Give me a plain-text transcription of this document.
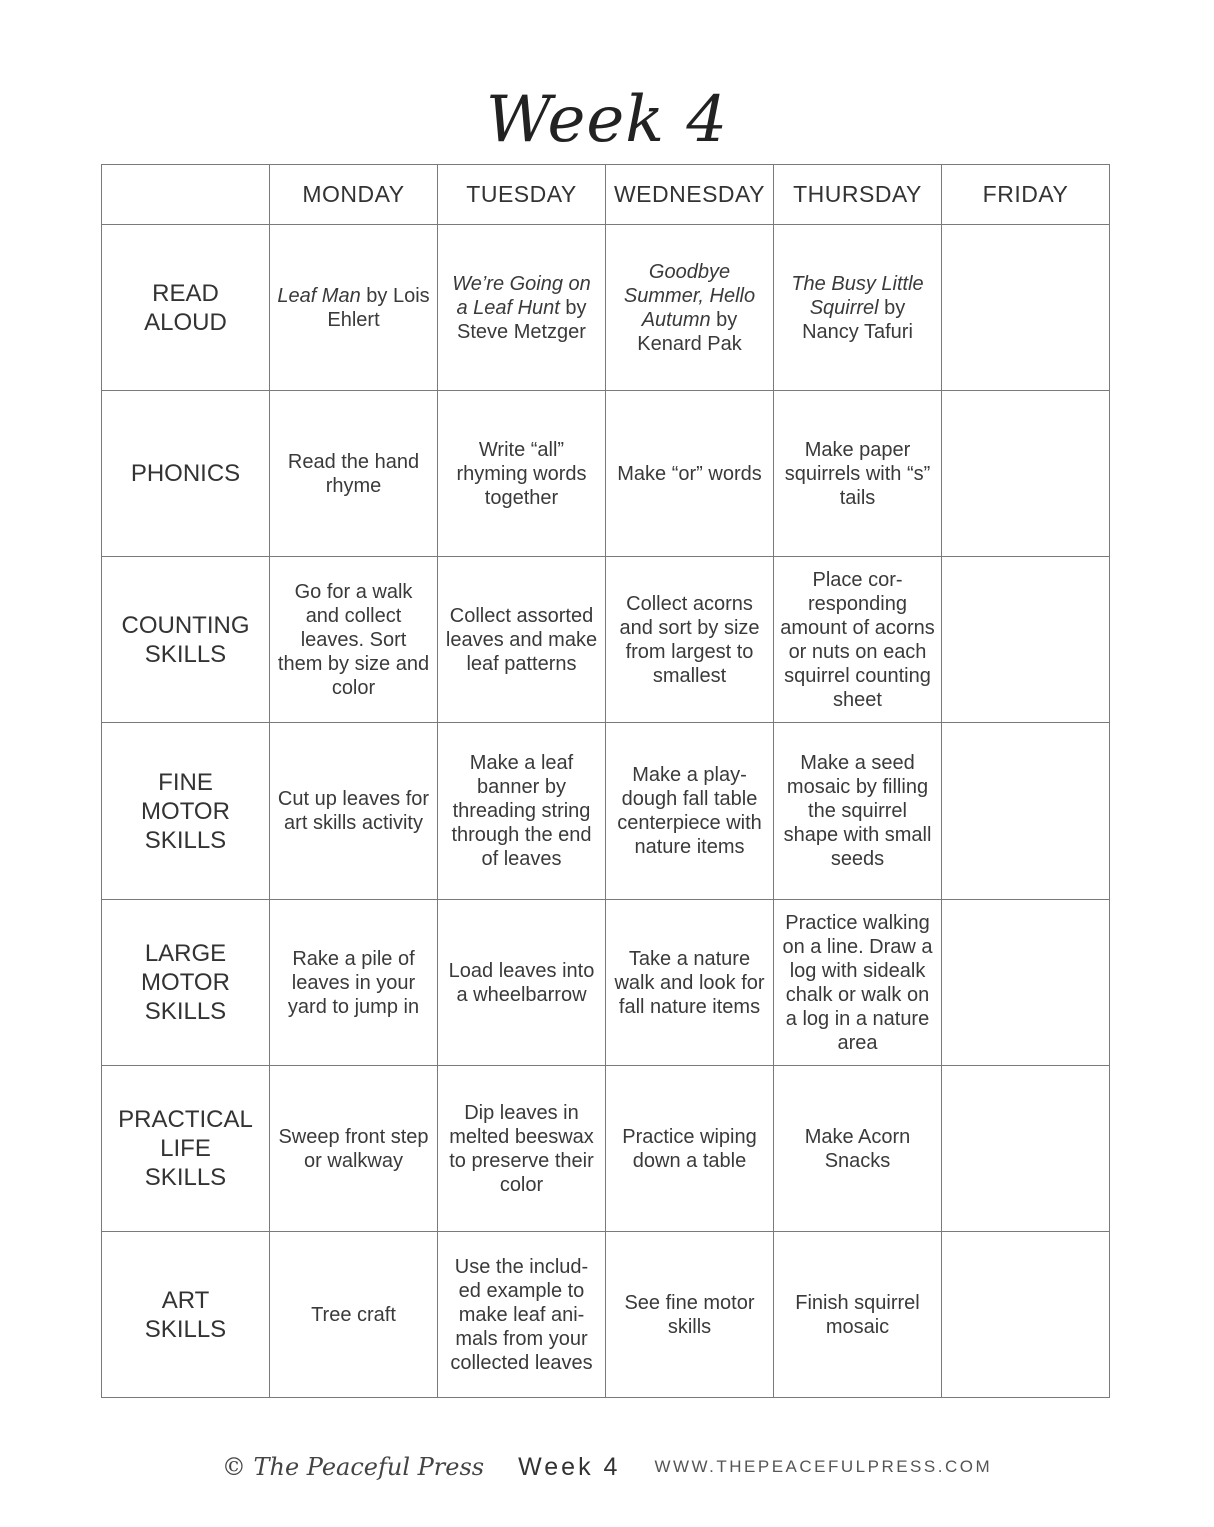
Week 4
	MONDAY	TUESDAY	WEDNESDAY	THURSDAY	FRIDAY
READ
ALOUD	Leaf Man by Lois Ehlert	We’re Going on a Leaf Hunt by Steve Metzger	Goodbye Summer, Hello Autumn by Kenard Pak	The Busy Little Squirrel by Nancy Tafuri	
PHONICS	Read the hand rhyme	Write “all” rhyming words together	Make “or” words	Make paper squirrels with “s” tails	
COUNTING
SKILLS	Go for a walk and collect leaves. Sort them by size and color	Collect assorted leaves and make leaf patterns	Collect acorns and sort by size from largest to smallest	Place cor-responding amount of acorns or nuts on each squirrel counting sheet	
FINE
MOTOR
SKILLS	Cut up leaves for art skills activity	Make a leaf banner by threading string through the end of leaves	Make a play-dough fall table centerpiece with nature items	Make a seed mosaic by filling the squirrel shape with small seeds	
LARGE
MOTOR
SKILLS	Rake a pile of leaves in your yard to jump in	Load leaves into a wheelbarrow	Take a nature walk and look for fall nature items	Practice walking on a line. Draw a log with sidealk chalk or walk on a log in a nature area	
PRACTICAL
LIFE
SKILLS	Sweep front step or walkway	Dip leaves in melted beeswax to preserve their color	Practice wiping down a table	Make Acorn Snacks	
ART
SKILLS	Tree craft	Use the includ-ed example to make leaf ani-mals from your collected leaves	See fine motor skills	Finish squirrel mosaic	
© The Peaceful Press Week 4 WWW.THEPEACEFULPRESS.COM
